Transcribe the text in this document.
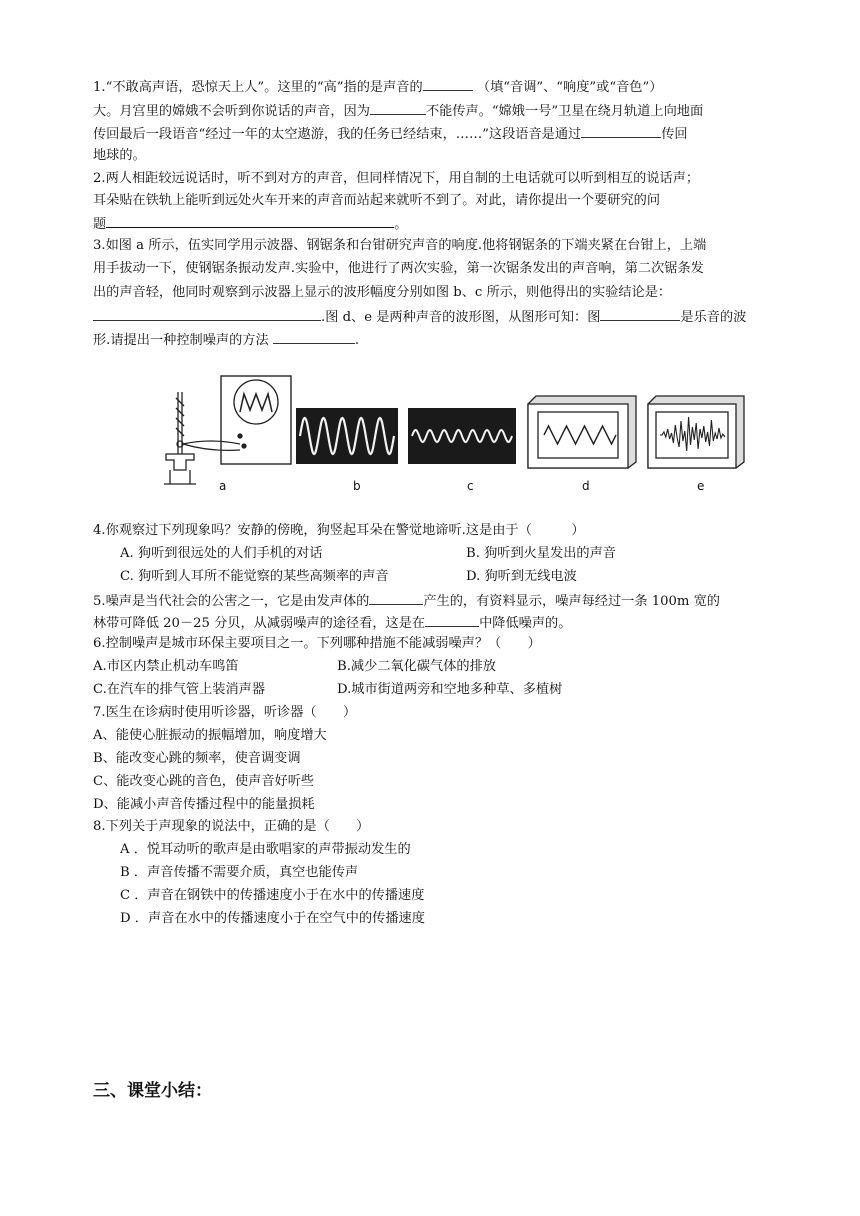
1.“不敢高声语，恐惊天上人”。这里的“高”指的是声音的	（填“音调”、“响度”或“音色”）
大。月宫里的嫦娥不会听到你说话的声音，因为	不能传声。“嫦娥一号”卫星在绕月轨道上向地面
传回最后一段语音“经过一年的太空遨游，我的任务已经结束，……”这段语音是通过	传回
地球的。
2.两人相距较远说话时，听不到对方的声音，但同样情况下，用自制的土电话就可以听到相互的说话声；
耳朵贴在铁轨上能听到远处火车开来的声音而站起来就听不到了。对此，请你提出一个要研究的问
题	。
3.如图 a 所示，伍实同学用示波器、钢锯条和台钳研究声音的响度.他将钢锯条的下端夹紧在台钳上，上端
用手拔动一下，使钢锯条振动发声.实验中，他进行了两次实验，第一次锯条发出的声音响，第二次锯条发
出的声音轻，他同时观察到示波器上显示的波形幅度分别如图 b、c 所示，则他得出的实验结论是：
.图 d、e 是两种声音的波形图，从图形可知：图	是乐音的波
形.请提出一种控制噪声的方法	.
a	b	c	d	e
4.你观察过下列现象吗？安静的傍晚，狗竖起耳朵在警觉地谛听.这是由于（　　　）
A. 狗听到很远处的人们手机的对话	B. 狗听到火星发出的声音
C. 狗听到人耳所不能觉察的某些高频率的声音	D. 狗听到无线电波
5.噪声是当代社会的公害之一，它是由发声体的	产生的，有资料显示，噪声每经过一条 100m 宽的
林带可降低 20－25 分贝，从减弱噪声的途径看，这是在	中降低噪声的。
6.控制噪声是城市环保主要项目之一。下列哪种措施不能减弱噪声？（　　）
A.市区内禁止机动车鸣笛	B.减少二氧化碳气体的排放
C.在汽车的排气管上装消声器	D.城市街道两旁和空地多种草、多植树
7.医生在诊病时使用听诊器，听诊器（　　）
A、能使心脏振动的振幅增加，响度增大
B、能改变心跳的频率，使音调变调
C、能改变心跳的音色，使声音好听些
D、能减小声音传播过程中的能量损耗
8.下列关于声现象的说法中，正确的是（　　）
A ．悦耳动听的歌声是由歌唱家的声带振动发生的
B ．声音传播不需要介质，真空也能传声
C ．声音在钢铁中的传播速度小于在水中的传播速度
D ．声音在水中的传播速度小于在空气中的传播速度
三、课堂小结：
